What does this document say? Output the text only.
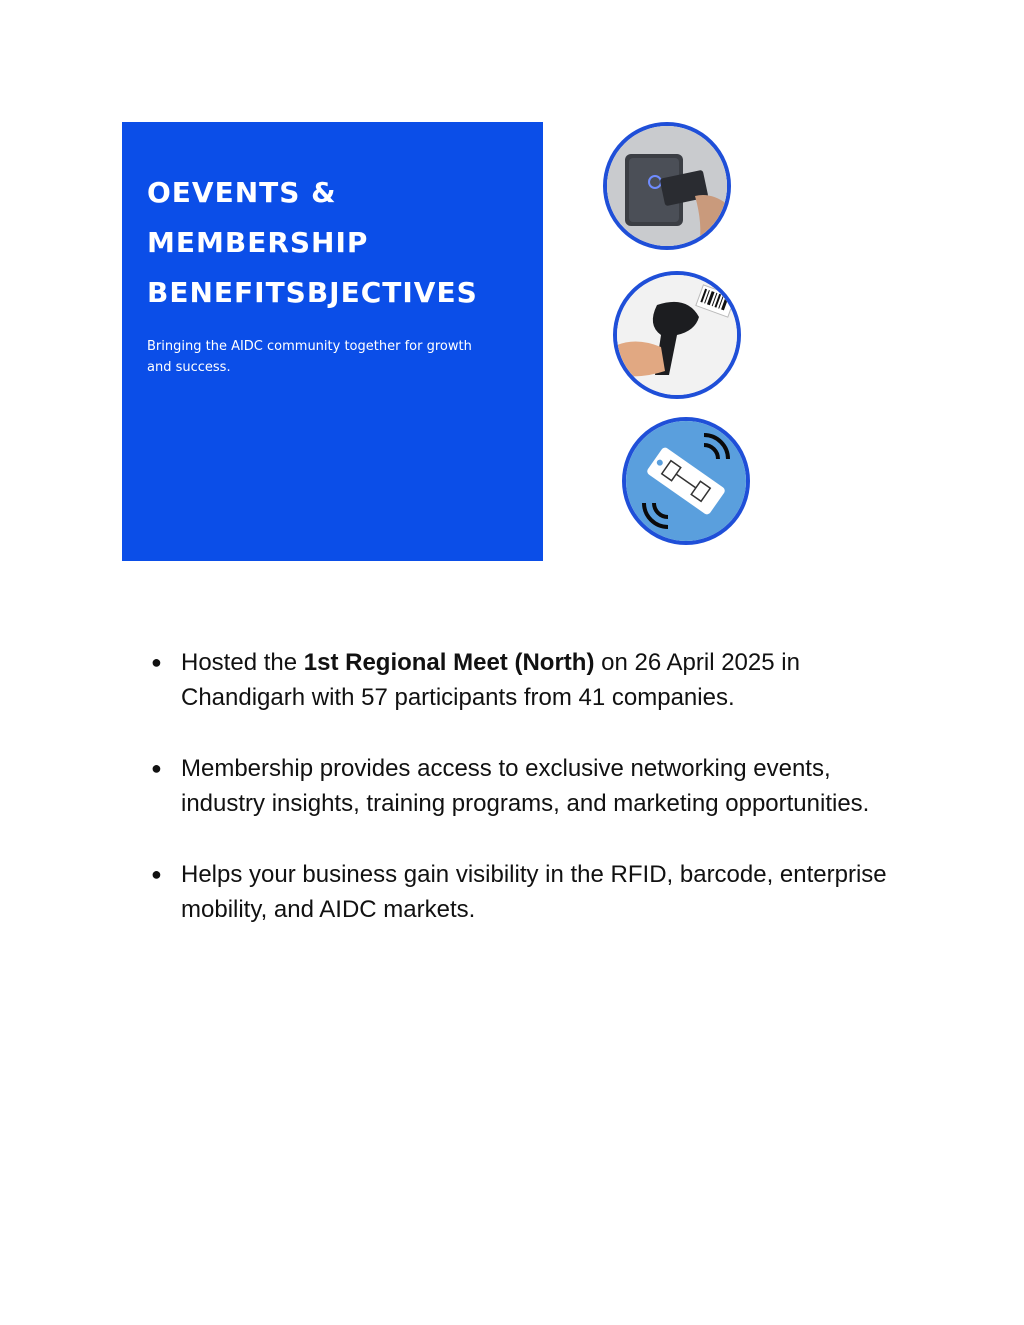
OEVENTS &
MEMBERSHIP
BENEFITSBJECTIVES

Bringing the AIDC community together for growth and success.

● Hosted the 1st Regional Meet (North) on 26 April 2025 in Chandigarh with 57 participants from 41 companies.
● Membership provides access to exclusive networking events, industry insights, training programs, and marketing opportunities.
● Helps your business gain visibility in the RFID, barcode, enterprise mobility, and AIDC markets.
